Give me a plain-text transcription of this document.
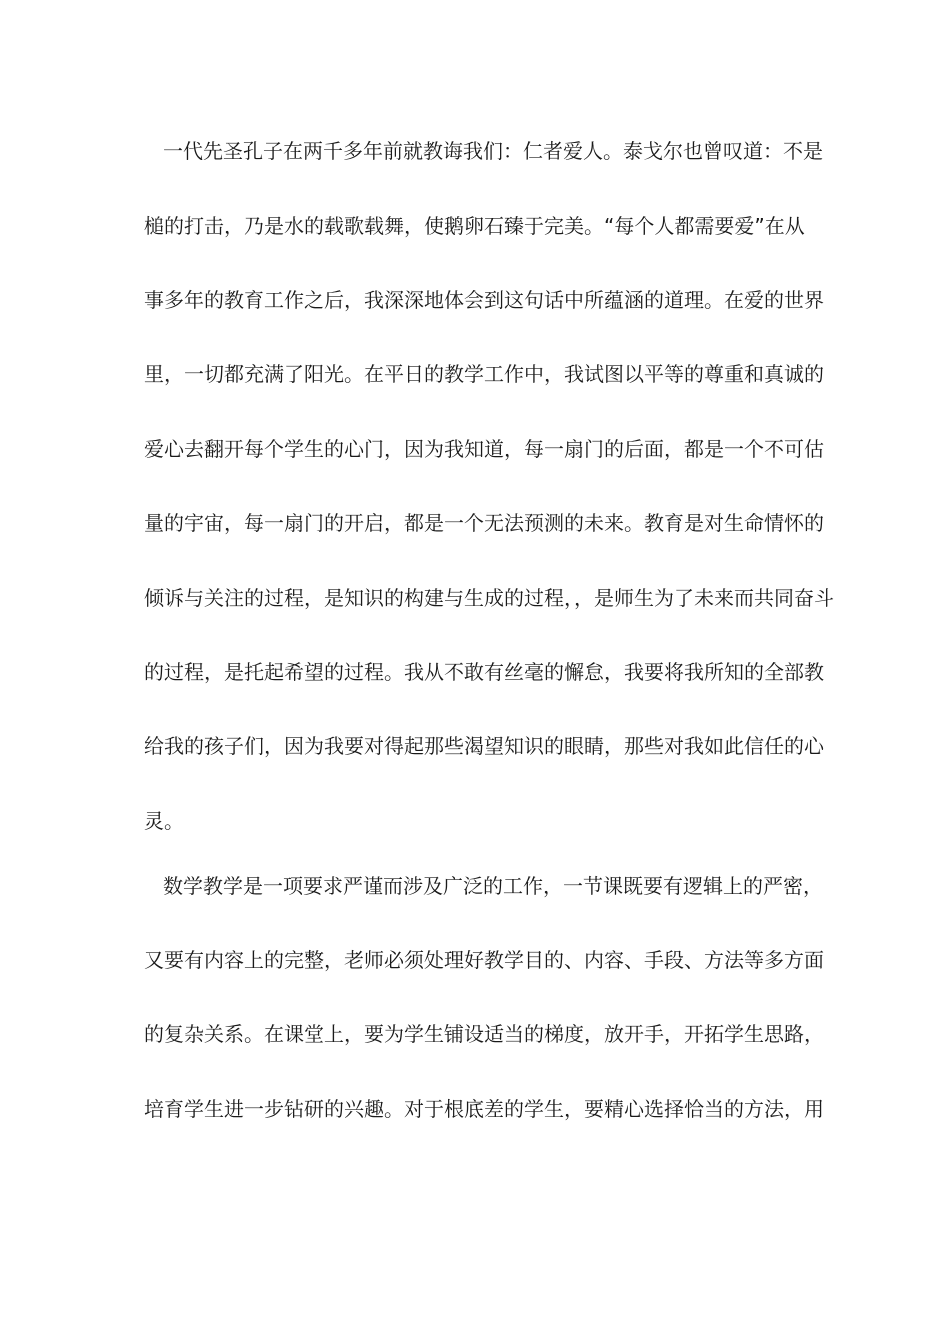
一代先圣孔子在两千多年前就教诲我们：仁者爱人。泰戈尔也曾叹道：不是
槌的打击，乃是水的载歌载舞，使鹅卵石臻于完美。“每个人都需要爱”在从
事多年的教育工作之后，我深深地体会到这句话中所蕴涵的道理。在爱的世界
里，一切都充满了阳光。在平日的教学工作中，我试图以平等的尊重和真诚的
爱心去翻开每个学生的心门，因为我知道，每一扇门的后面，都是一个不可估
量的宇宙，每一扇门的开启，都是一个无法预测的未来。教育是对生命情怀的
倾诉与关注的过程，是知识的构建与生成的过程，，是师生为了未来而共同奋斗
的过程，是托起希望的过程。我从不敢有丝毫的懈怠，我要将我所知的全部教
给我的孩子们，因为我要对得起那些渴望知识的眼睛，那些对我如此信任的心
灵。
数学教学是一项要求严谨而涉及广泛的工作，一节课既要有逻辑上的严密，
又要有内容上的完整，老师必须处理好教学目的、内容、手段、方法等多方面
的复杂关系。在课堂上，要为学生铺设适当的梯度，放开手，开拓学生思路，
培育学生进一步钻研的兴趣。对于根底差的学生，要精心选择恰当的方法，用
